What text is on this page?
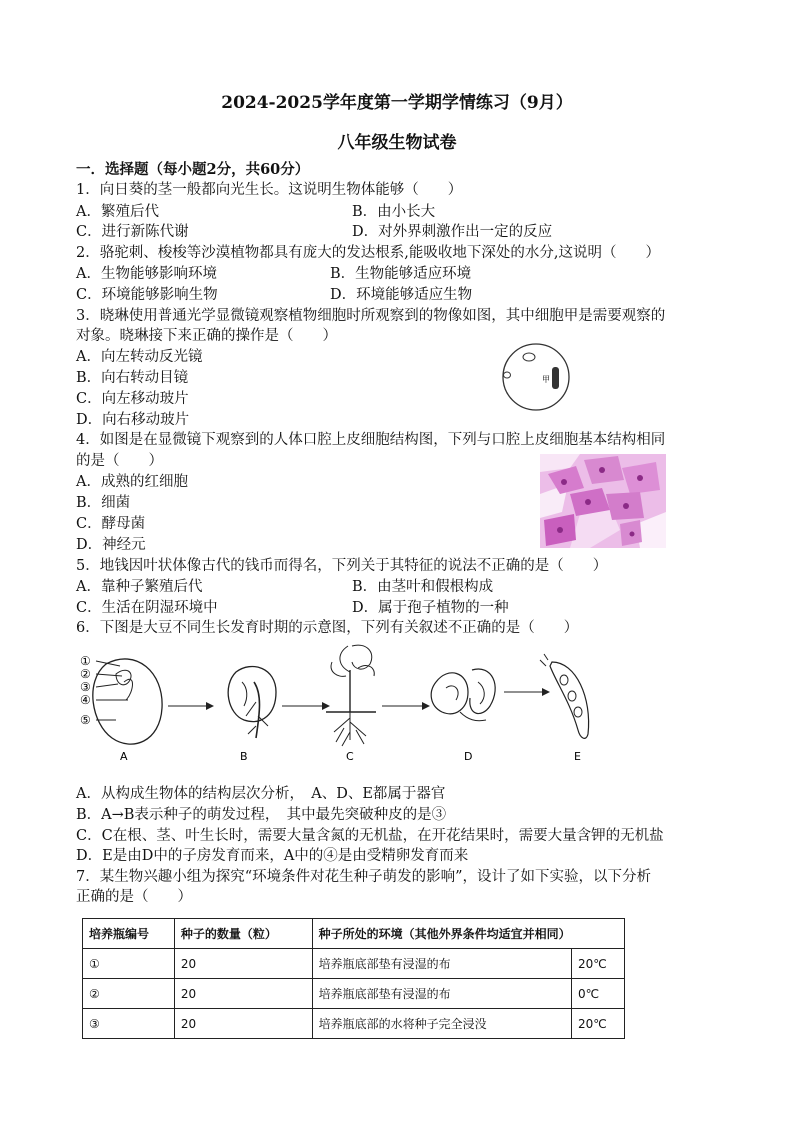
2024-2025学年度第一学期学情练习（9月）
八年级生物试卷
一．选择题（每小题2分，共60分）
1．向日葵的茎一般都向光生长。这说明生物体能够（　　）
A．繁殖后代	B．由小长大
C．进行新陈代谢	D．对外界刺激作出一定的反应
2．骆驼刺、梭梭等沙漠植物都具有庞大的发达根系,能吸收地下深处的水分,这说明（　　）
A．生物能够影响环境	B．生物能够适应环境
C．环境能够影响生物	D．环境能够适应生物
3．晓琳使用普通光学显微镜观察植物细胞时所观察到的物像如图，其中细胞甲是需要观察的
对象。晓琳接下来正确的操作是（　　）
A．向左转动反光镜
B．向右转动目镜
C．向左移动玻片
D．向右移动玻片
甲
4．如图是在显微镜下观察到的人体口腔上皮细胞结构图，下列与口腔上皮细胞基本结构相同
的是（　　）
A．成熟的红细胞
B．细菌
C．酵母菌
D．神经元
5．地钱因叶状体像古代的钱币而得名，下列关于其特征的说法不正确的是（　　）
A．靠种子繁殖后代	B．由茎叶和假根构成
C．生活在阴湿环境中	D．属于孢子植物的一种
6．下图是大豆不同生长发育时期的示意图，下列有关叙述不正确的是（　　）
①
②
③
④
⑤
A	B	C	D	E
A．从构成生物体的结构层次分析，　A、D、E都属于器官
B．A→B表示种子的萌发过程，　其中最先突破种皮的是③
C．C在根、茎、叶生长时，需要大量含氮的无机盐，在开花结果时，需要大量含钾的无机盐
D．E是由D中的子房发育而来，A中的④是由受精卵发育而来
7．某生物兴趣小组为探究“环境条件对花生种子萌发的影响”，设计了如下实验，以下分析
正确的是（　　）
培养瓶编号	种子的数量（粒）	种子所处的环境（其他外界条件均适宜并相同）	
①	20	培养瓶底部垫有浸湿的布	20℃
②	20	培养瓶底部垫有浸湿的布	0℃
③	20	培养瓶底部的水将种子完全浸没	20℃
